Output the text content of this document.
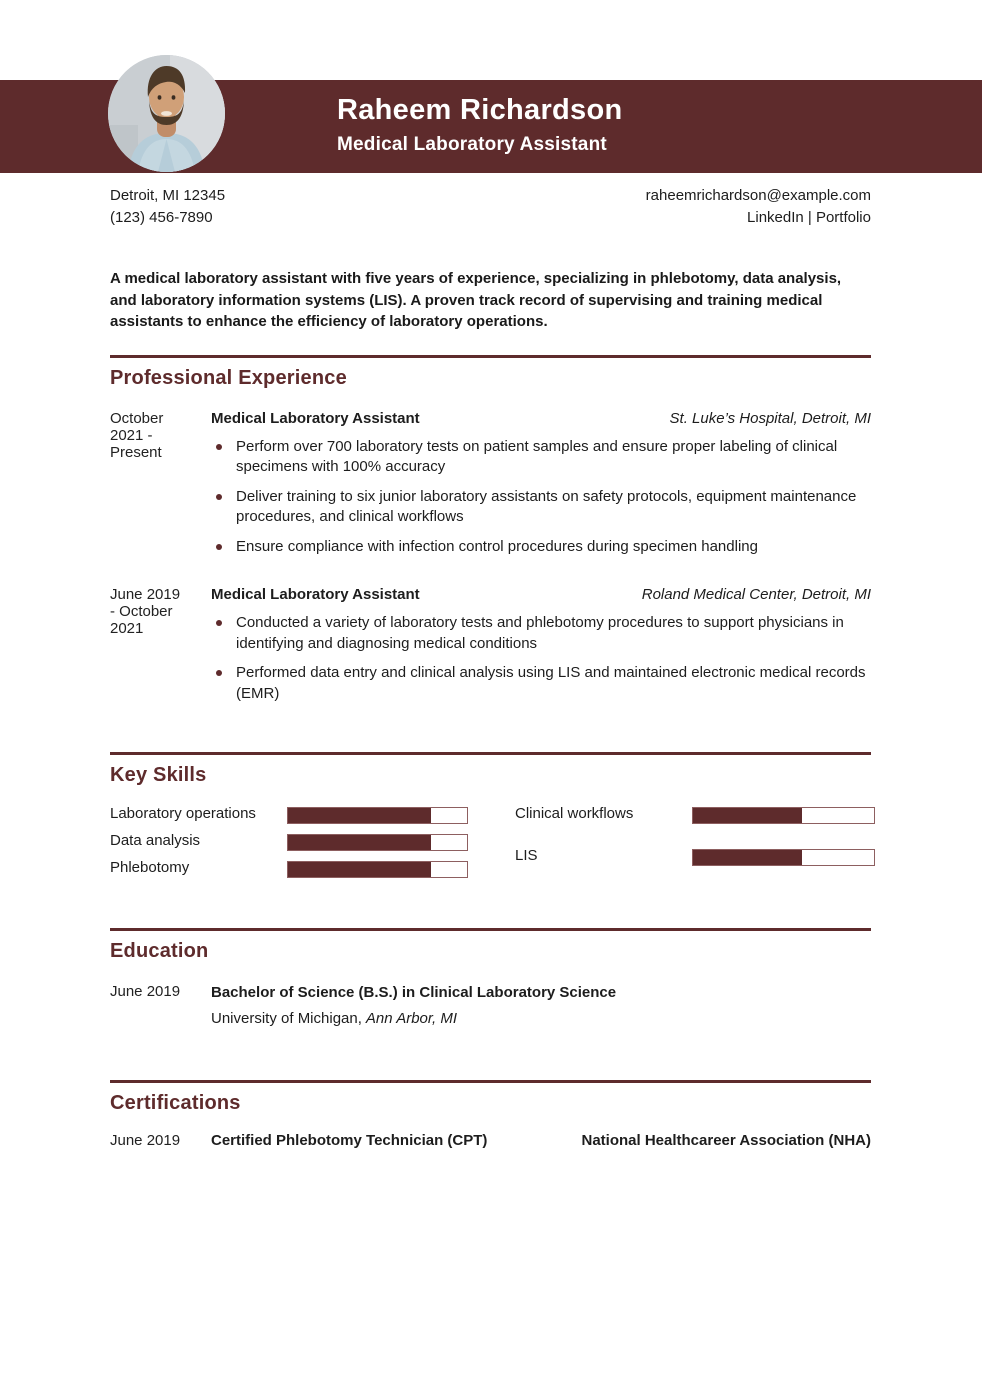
Raheem Richardson
Medical Laboratory Assistant
Detroit, MI 12345
(123) 456-7890
raheemrichardson@example.com
LinkedIn | Portfolio
A medical laboratory assistant with five years of experience, specializing in phlebotomy, data analysis, and laboratory information systems (LIS). A proven track record of supervising and training medical assistants to enhance the efficiency of laboratory operations.
Professional Experience
October 2021 - Present
Medical Laboratory Assistant	St. Luke’s Hospital, Detroit, MI
Perform over 700 laboratory tests on patient samples and ensure proper labeling of clinical specimens with 100% accuracy
Deliver training to six junior laboratory assistants on safety protocols, equipment maintenance procedures, and clinical workflows
Ensure compliance with infection control procedures during specimen handling
June 2019 - October 2021
Medical Laboratory Assistant	Roland Medical Center, Detroit, MI
Conducted a variety of laboratory tests and phlebotomy procedures to support physicians in identifying and diagnosing medical conditions
Performed data entry and clinical analysis using LIS and maintained electronic medical records (EMR)
Key Skills
Laboratory operations
Data analysis
Phlebotomy
Clinical workflows
LIS
Education
June 2019	Bachelor of Science (B.S.) in Clinical Laboratory Science
University of Michigan, Ann Arbor, MI
Certifications
June 2019	Certified Phlebotomy Technician (CPT)	National Healthcareer Association (NHA)
